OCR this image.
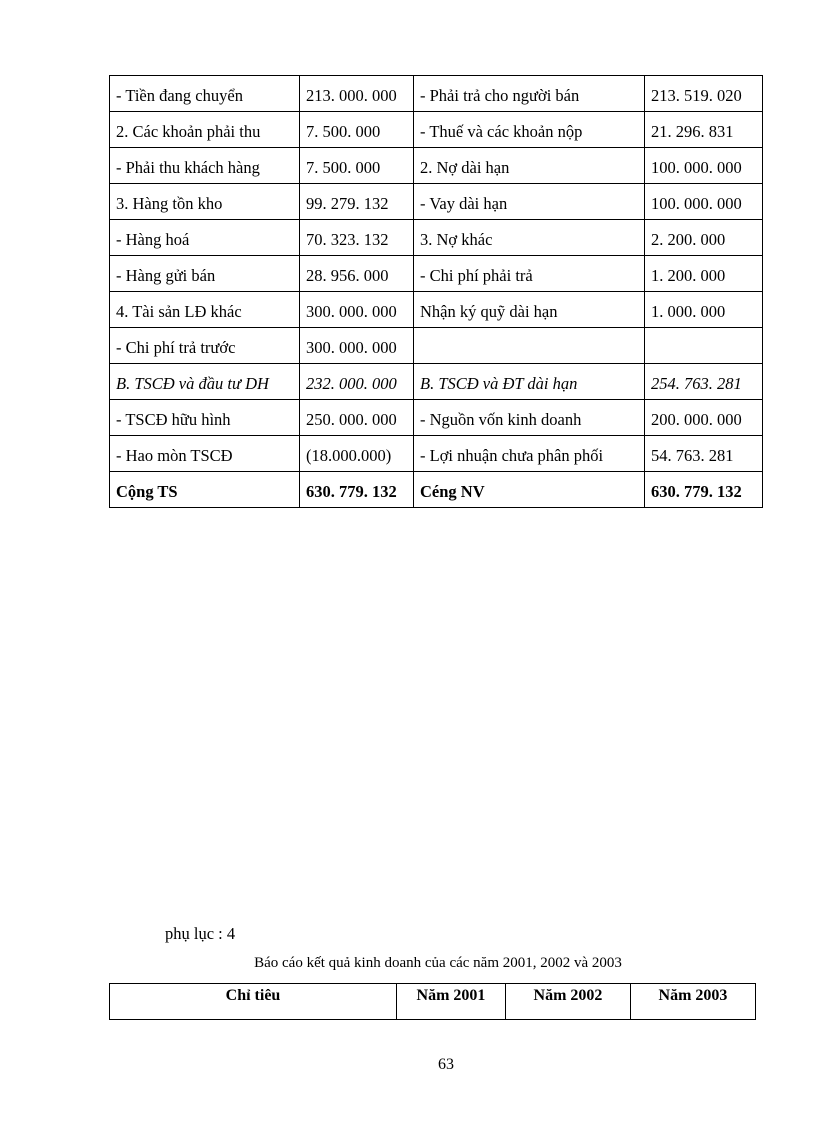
- Tiền đang chuyển	213. 000. 000	- Phải trả cho người bán	213. 519. 020
2. Các khoản phải thu	7. 500. 000	- Thuế và các khoản nộp	21. 296. 831
- Phải thu khách hàng	7. 500. 000	2. Nợ dài hạn	100. 000. 000
3. Hàng tồn kho	99. 279. 132	- Vay dài hạn	100. 000. 000
- Hàng hoá	70. 323. 132	3. Nợ khác	2. 200. 000
- Hàng gửi bán	28. 956. 000	- Chi phí phải trả	1. 200. 000
4. Tài sản LĐ khác	300. 000. 000	Nhận ký quỹ dài hạn	1. 000. 000
- Chi phí trả trước	300. 000. 000		
B. TSCĐ và đầu tư DH	232. 000. 000	B. TSCĐ và ĐT dài hạn	254. 763. 281
- TSCĐ hữu hình	250. 000. 000	- Nguồn vốn kinh doanh	200. 000. 000
- Hao mòn TSCĐ	(18.000.000)	- Lợi nhuận chưa phân phối	54. 763. 281
Cộng TS	630. 779. 132	Céng NV	630. 779. 132
phụ lục : 4
Báo cáo kết quả kinh doanh của các năm 2001, 2002 và 2003
Chỉ tiêu	Năm 2001	Năm 2002	Năm 2003
63
